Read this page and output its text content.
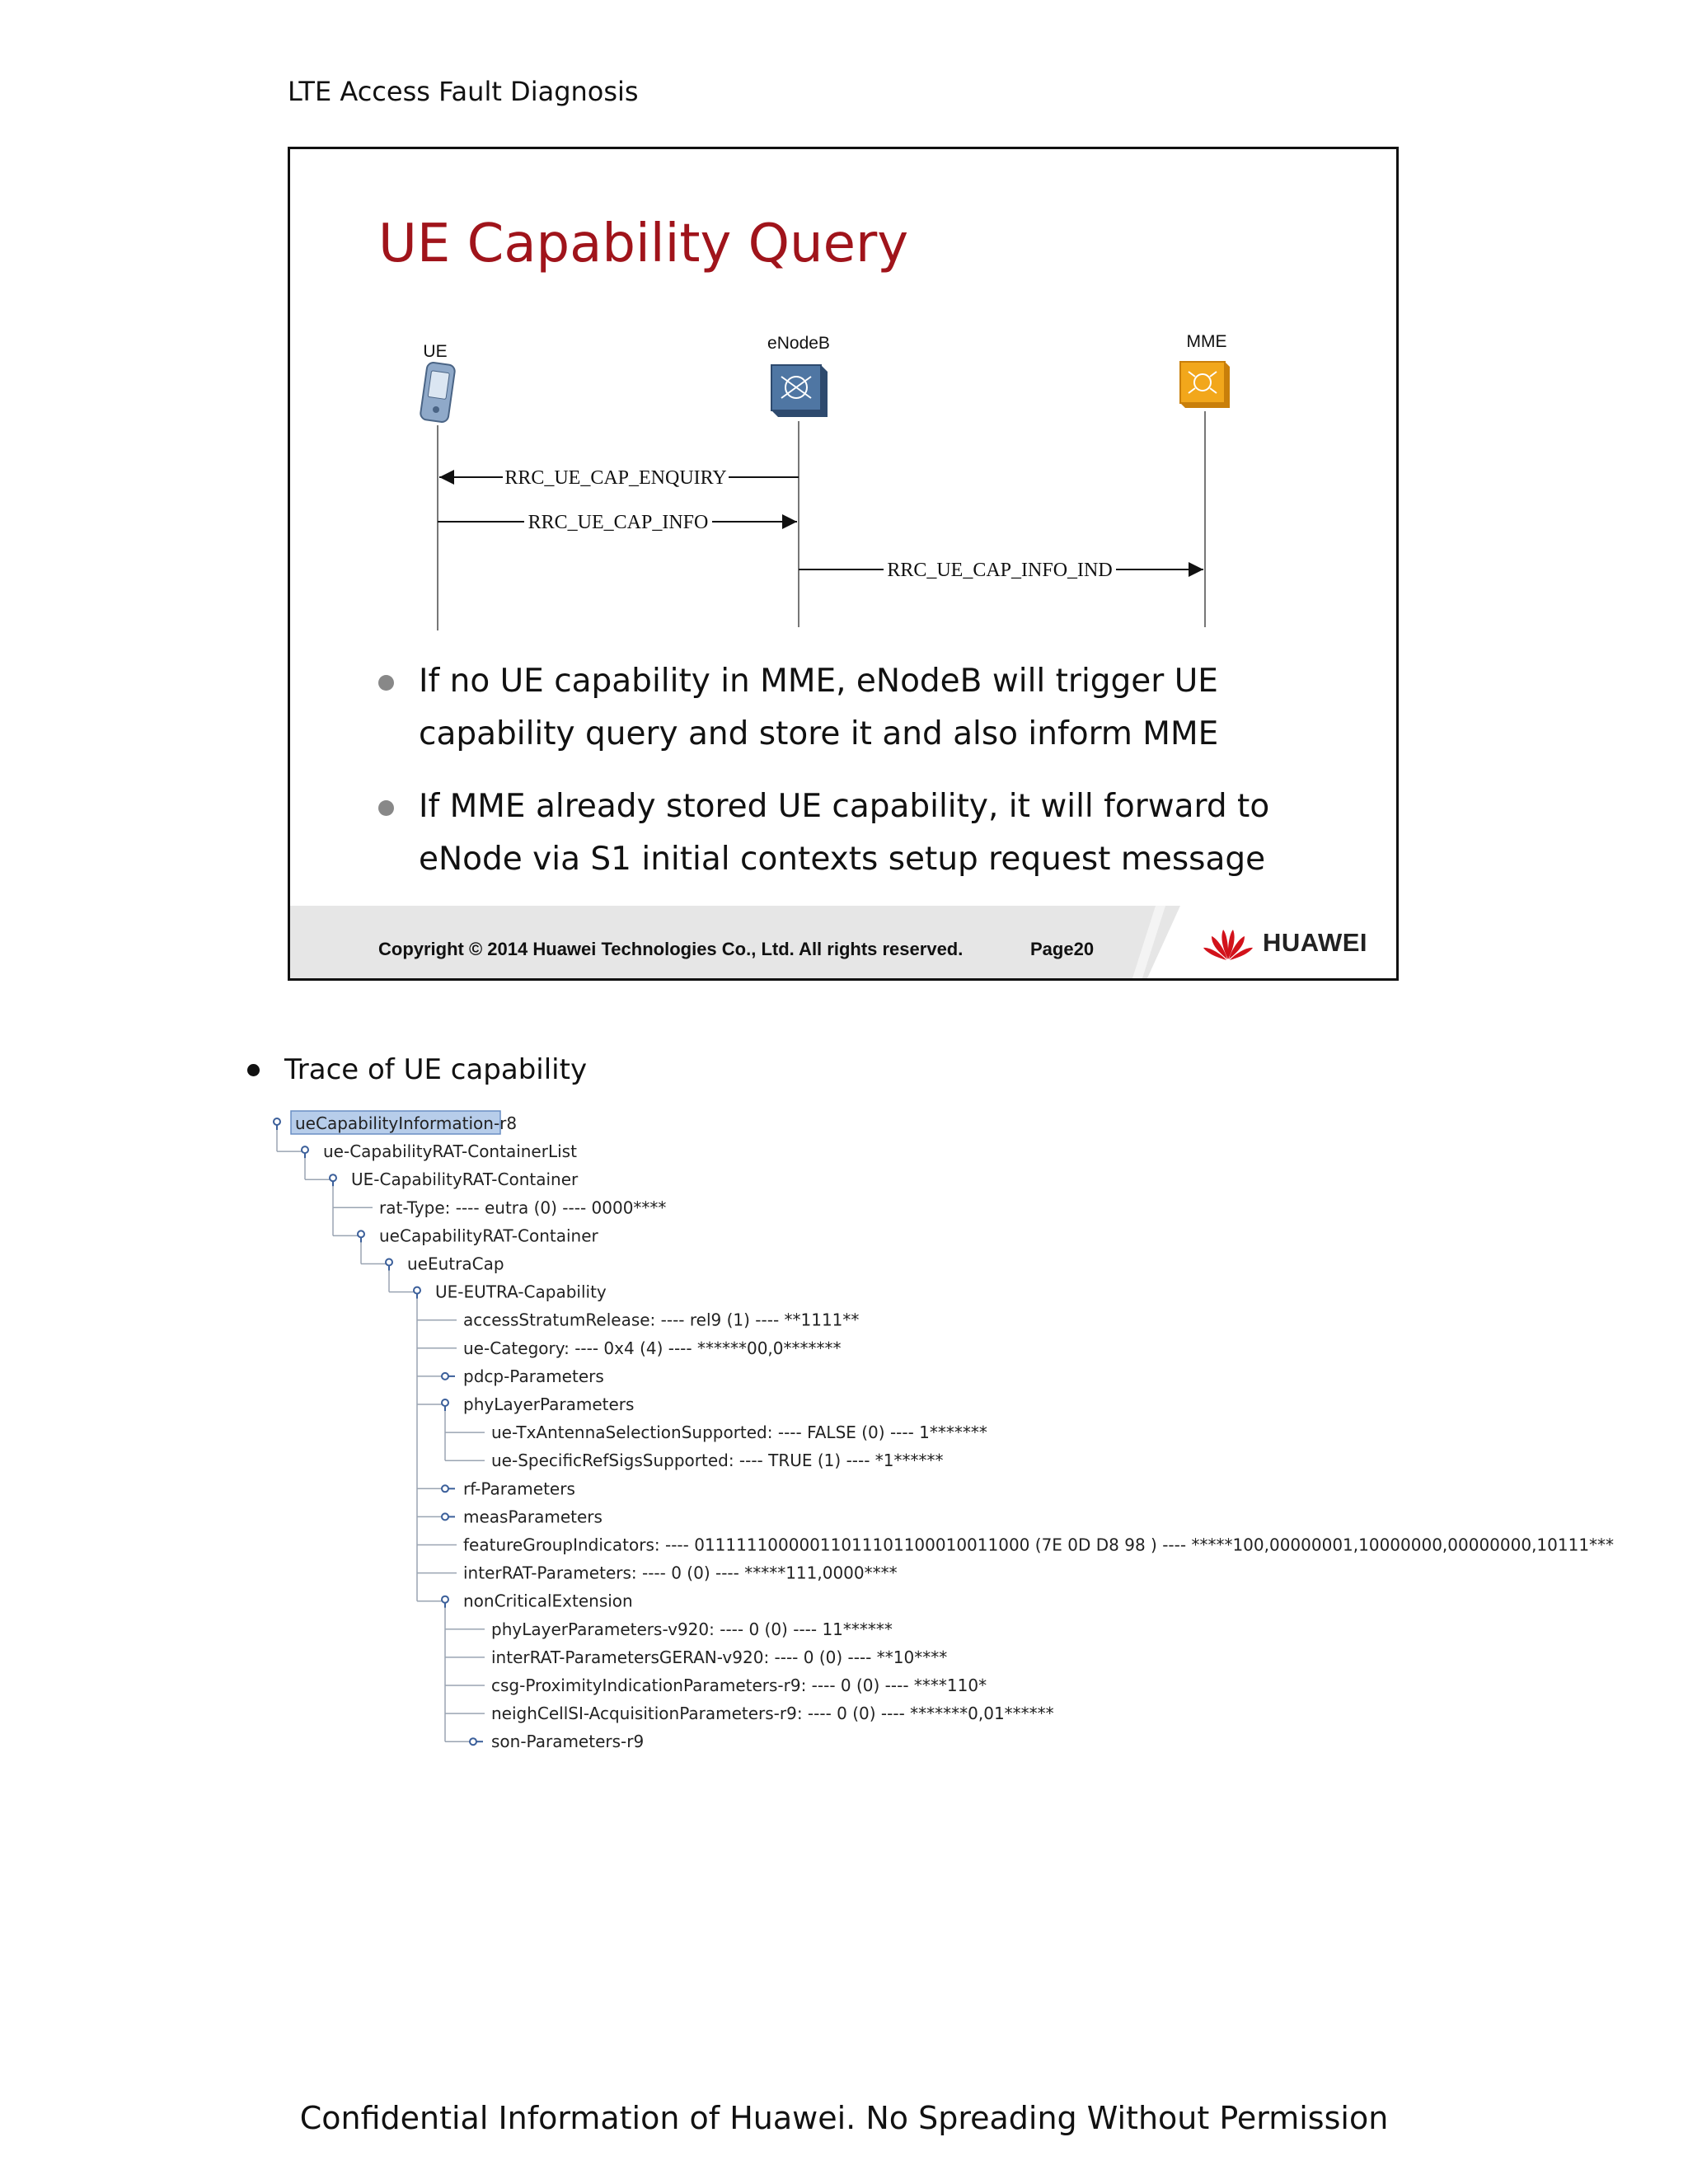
LTE Access Fault Diagnosis
UE Capability Query
UE	eNodeB	MME
RRC_UE_CAP_ENQUIRY
RRC_UE_CAP_INFO
RRC_UE_CAP_INFO_IND
If no UE capability in MME, eNodeB will trigger UE capability query and store it and also inform MME
If MME already stored UE capability, it will forward to eNode via S1 initial contexts setup request message
Copyright © 2014 Huawei Technologies Co., Ltd. All rights reserved.	Page20	HUAWEI
Trace of UE capability
ueCapabilityInformation-r8
ue-CapabilityRAT-ContainerList
UE-CapabilityRAT-Container
rat-Type: ---- eutra (0) ---- 0000****
ueCapabilityRAT-Container
ueEutraCap
UE-EUTRA-Capability
accessStratumRelease: ---- rel9 (1) ---- **1111**
ue-Category: ---- 0x4 (4) ---- ******00,0*******
pdcp-Parameters
phyLayerParameters
ue-TxAntennaSelectionSupported: ---- FALSE (0) ---- 1*******
ue-SpecificRefSigsSupported: ---- TRUE (1) ---- *1******
rf-Parameters
measParameters
featureGroupIndicators: ---- 01111110000011011101100010011000 (7E 0D D8 98 ) ---- *****100,00000001,10000000,00000000,10111***
interRAT-Parameters: ---- 0 (0) ---- *****111,0000****
nonCriticalExtension
phyLayerParameters-v920: ---- 0 (0) ---- 11******
interRAT-ParametersGERAN-v920: ---- 0 (0) ---- **10****
csg-ProximityIndicationParameters-r9: ---- 0 (0) ---- ****110*
neighCellSI-AcquisitionParameters-r9: ---- 0 (0) ---- *******0,01******
son-Parameters-r9
Confidential Information of Huawei. No Spreading Without Permission
